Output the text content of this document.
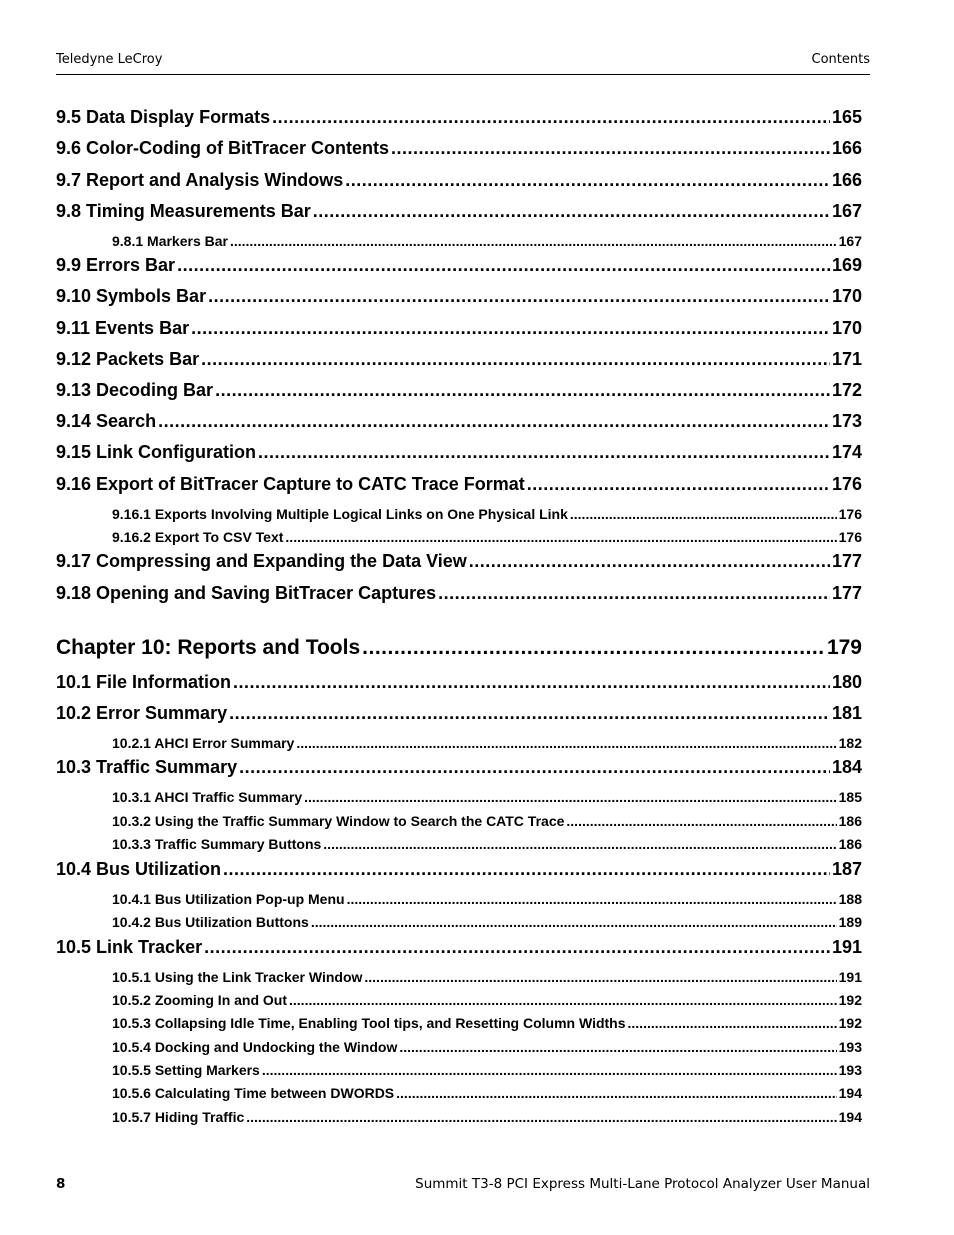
Teledyne LeCroy	Contents
9.5 Data Display Formats .....	165
9.6 Color-Coding of BitTracer Contents .....	166
9.7 Report and Analysis Windows .....	166
9.8 Timing Measurements Bar .....	167
9.8.1 Markers Bar .....	167
9.9 Errors Bar .....	169
9.10 Symbols Bar .....	170
9.11 Events Bar .....	170
9.12 Packets Bar .....	171
9.13 Decoding Bar .....	172
9.14 Search .....	173
9.15 Link Configuration .....	174
9.16 Export of BitTracer Capture to CATC Trace Format .....	176
9.16.1 Exports Involving Multiple Logical Links on One Physical Link .....	176
9.16.2 Export To CSV Text .....	176
9.17 Compressing and Expanding the Data View .....	177
9.18 Opening and Saving BitTracer Captures .....	177
Chapter 10: Reports and Tools .....	179
10.1 File Information .....	180
10.2 Error Summary .....	181
10.2.1 AHCI Error Summary .....	182
10.3 Traffic Summary .....	184
10.3.1 AHCI Traffic Summary .....	185
10.3.2 Using the Traffic Summary Window to Search the CATC Trace .....	186
10.3.3 Traffic Summary Buttons .....	186
10.4 Bus Utilization .....	187
10.4.1 Bus Utilization Pop-up Menu .....	188
10.4.2 Bus Utilization Buttons .....	189
10.5 Link Tracker .....	191
10.5.1 Using the Link Tracker Window .....	191
10.5.2 Zooming In and Out .....	192
10.5.3 Collapsing Idle Time, Enabling Tool tips, and Resetting Column Widths .....	192
10.5.4 Docking and Undocking the Window .....	193
10.5.5 Setting Markers .....	193
10.5.6 Calculating Time between DWORDS .....	194
10.5.7 Hiding Traffic .....	194
8	Summit T3-8 PCI Express Multi-Lane Protocol Analyzer User Manual
